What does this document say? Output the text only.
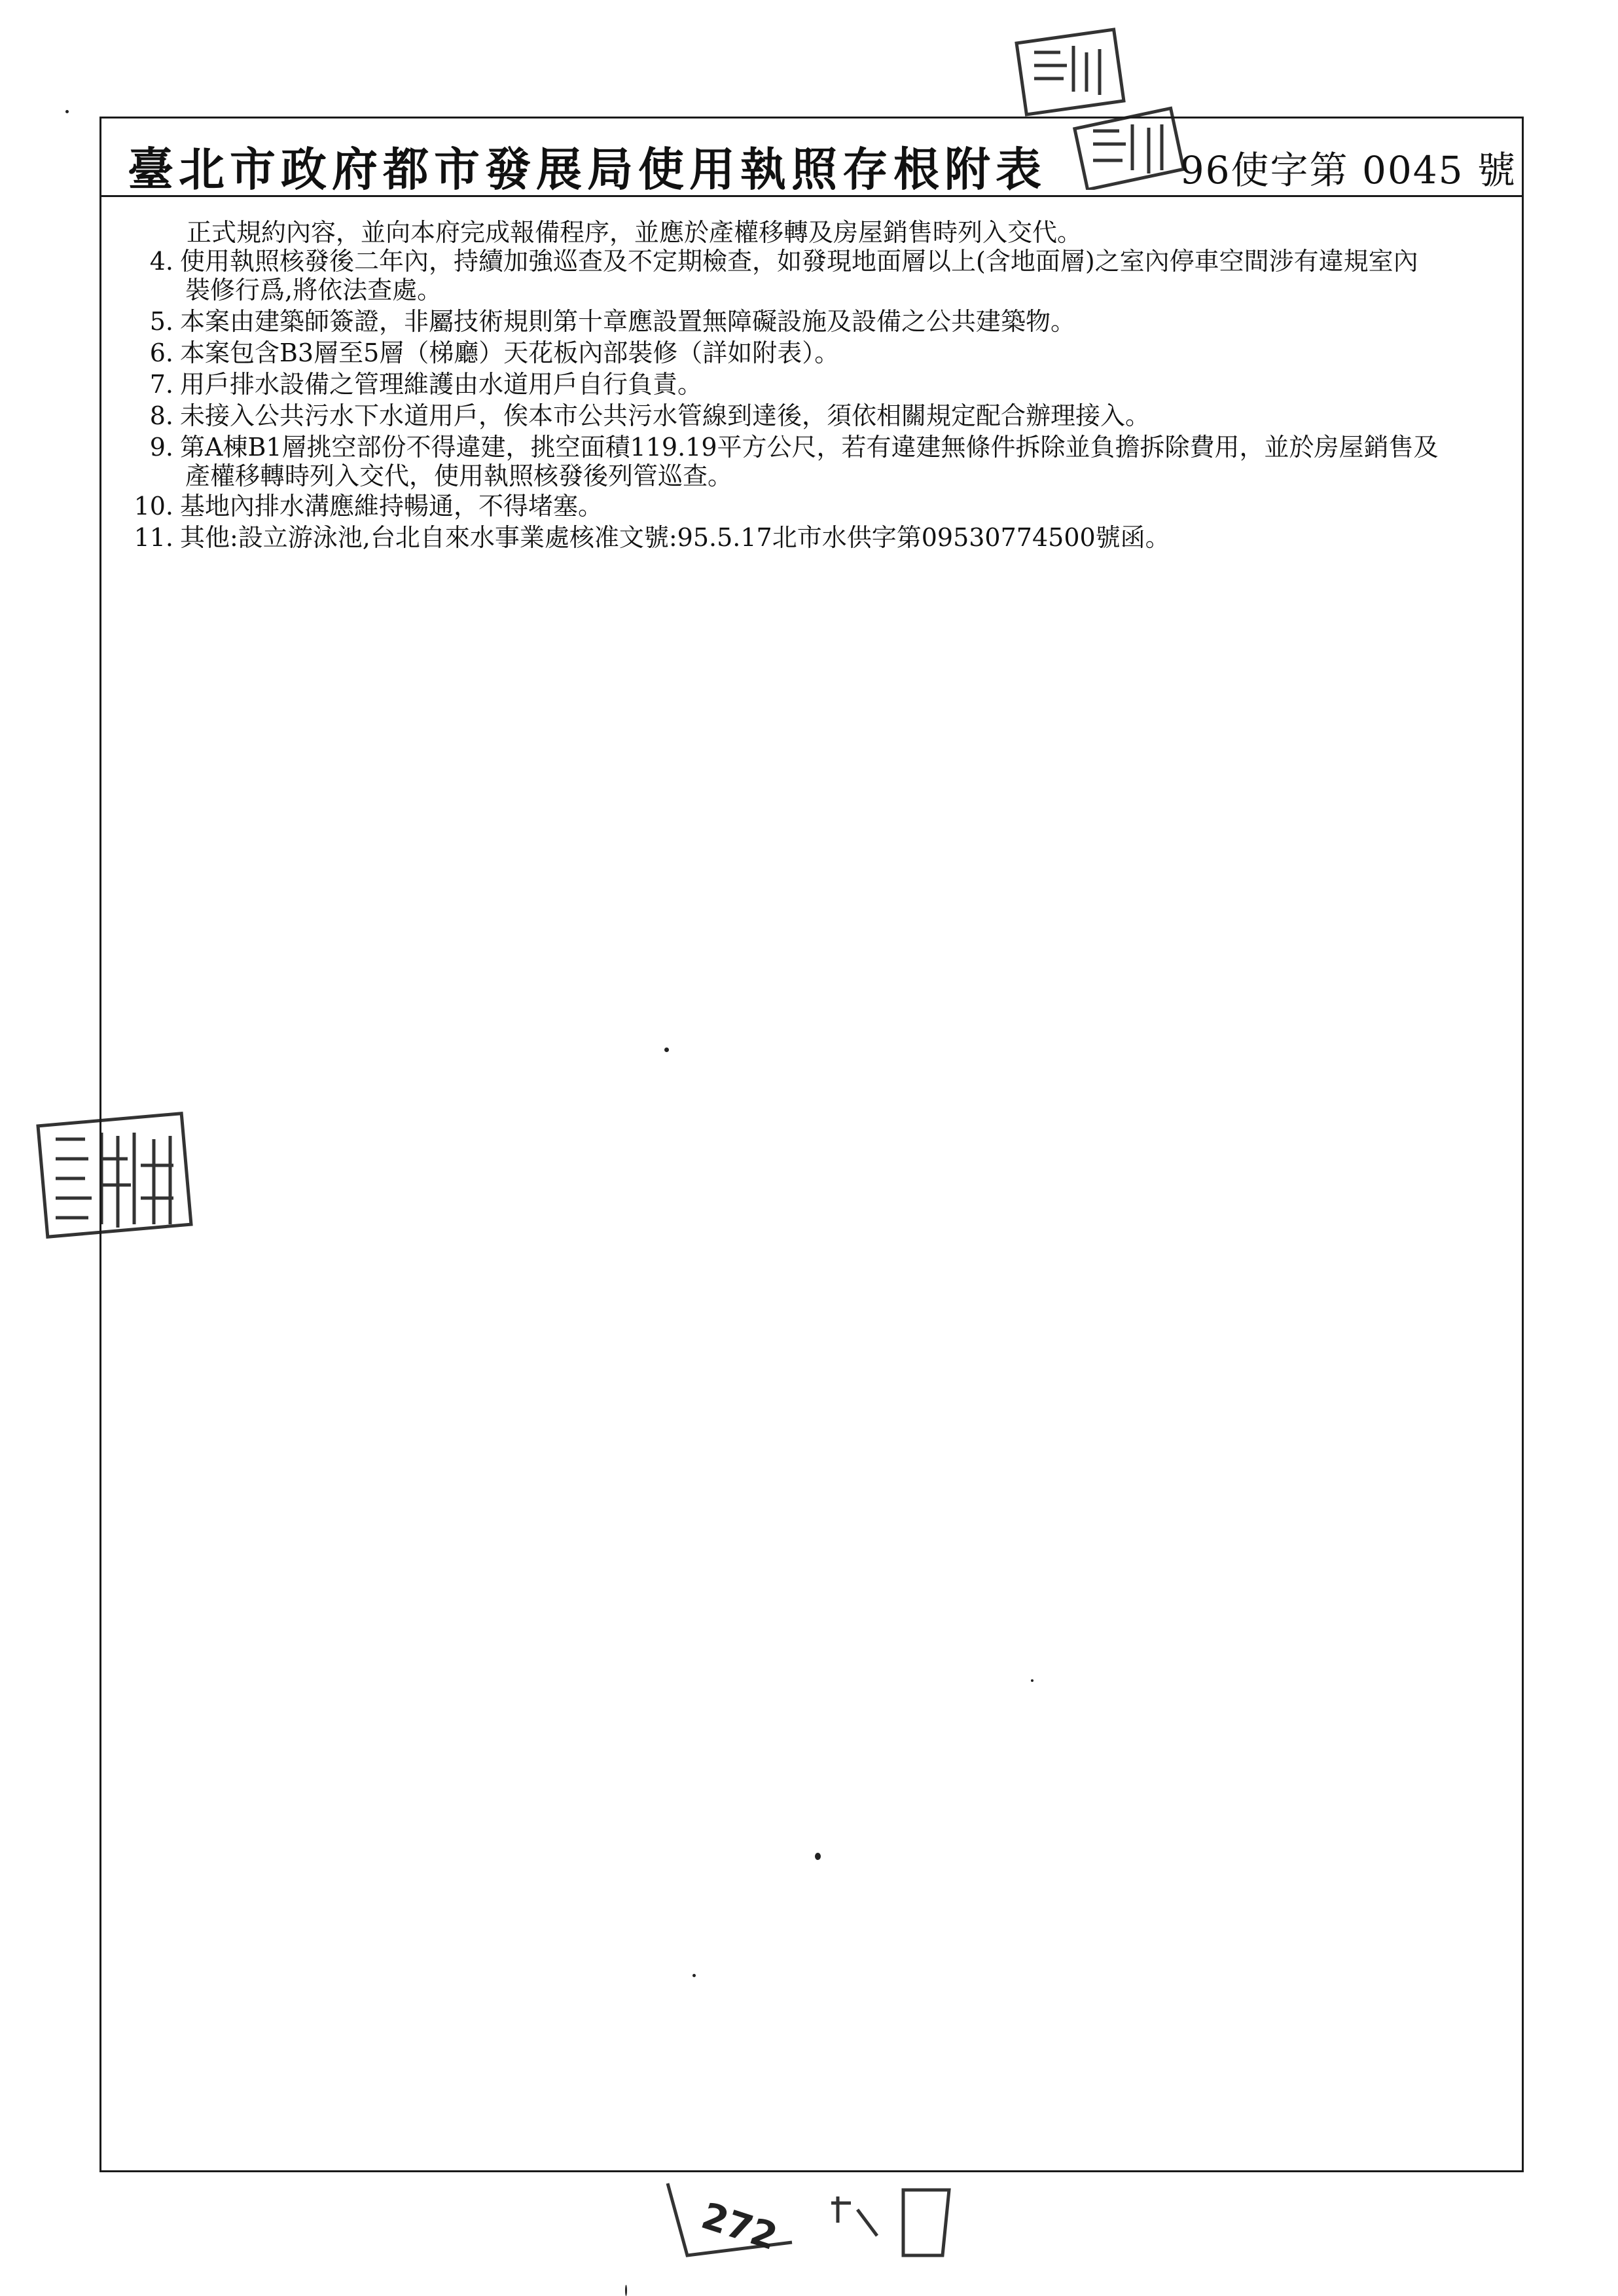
臺北市政府都市發展局使用執照存根附表	96使字第 0045 號
正式規約內容，並向本府完成報備程序，並應於產權移轉及房屋銷售時列入交代。
4. 使用執照核發後二年內，持續加強巡查及不定期檢查，如發現地面層以上(含地面層)之室內停車空間涉有違規室內
裝修行爲,將依法查處。
5. 本案由建築師簽證，非屬技術規則第十章應設置無障礙設施及設備之公共建築物。
6. 本案包含B3層至5層（梯廳）天花板內部裝修（詳如附表）。
7. 用戶排水設備之管理維護由水道用戶自行負責。
8. 未接入公共污水下水道用戶，俟本市公共污水管線到達後，須依相關規定配合辦理接入。
9. 第A棟B1層挑空部份不得違建，挑空面積119.19平方公尺，若有違建無條件拆除並負擔拆除費用，並於房屋銷售及
產權移轉時列入交代，使用執照核發後列管巡查。
10. 基地內排水溝應維持暢通，不得堵塞。
11. 其他:設立游泳池,台北自來水事業處核准文號:95.5.17北市水供字第09530774500號函。
272
